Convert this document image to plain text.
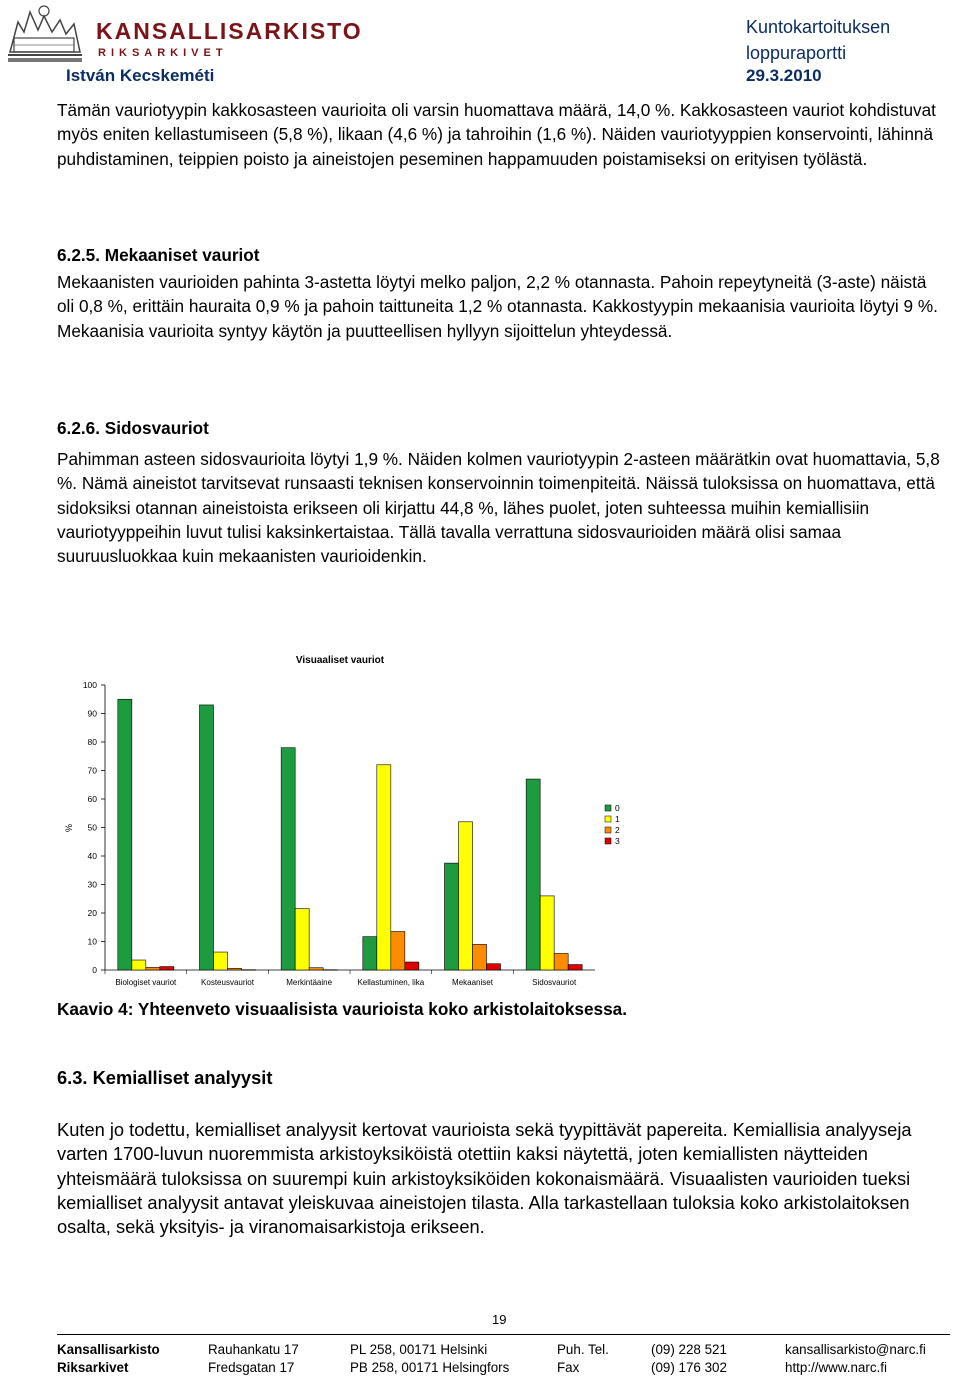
KANSALLISARKISTO
RIKSARKIVET
István Kecskeméti
Kuntokartoituksen
loppuraportti
29.3.2010
Tämän vauriotyypin kakkosasteen vaurioita oli varsin huomattava määrä, 14,0 %. Kakkosasteen vauriot kohdistuvat myös eniten kellastumiseen (5,8 %), likaan (4,6 %) ja tahroihin (1,6 %). Näiden vauriotyyppien konservointi, lähinnä puhdistaminen, teippien poisto ja aineistojen peseminen happamuuden poistamiseksi on erityisen työlästä.
6.2.5. Mekaaniset vauriot
Mekaanisten vaurioiden pahinta 3-astetta löytyi melko paljon, 2,2 % otannasta. Pahoin repeytyneitä (3-aste) näistä oli 0,8 %, erittäin hauraita 0,9 % ja pahoin taittuneita 1,2 % otannasta. Kakkostyypin mekaanisia vaurioita löytyi 9 %. Mekaanisia vaurioita syntyy käytön ja puutteellisen hyllyyn sijoittelun yhteydessä.
6.2.6. Sidosvauriot
Pahimman asteen sidosvaurioita löytyi 1,9 %. Näiden kolmen vauriotyypin 2-asteen määrätkin ovat huomattavia, 5,8 %. Nämä aineistot tarvitsevat runsaasti teknisen konservoinnin toimenpiteitä. Näissä tuloksissa on huomattava, että sidoksiksi otannan aineistoista erikseen oli kirjattu 44,8 %, lähes puolet, joten suhteessa muihin kemiallisiin vauriotyyppeihin luvut tulisi kaksinkertaistaa. Tällä tavalla verrattuna sidosvaurioiden määrä olisi samaa suuruusluokkaa kuin mekaanisten vaurioidenkin.
Visuaaliset vauriot
%
0
10
20
30
40
50
60
70
80
90
100
Biologiset vauriot	Kosteusvauriot	Merkintäaine	Kellastuminen, lika	Mekaaniset	Sidosvauriot
0
1
2
3
Kaavio 4: Yhteenveto visuaalisista vaurioista koko arkistolaitoksessa.
6.3. Kemialliset analyysit
Kuten jo todettu, kemialliset analyysit kertovat vaurioista sekä tyypittävät papereita. Kemiallisia analyyseja varten 1700-luvun nuoremmista arkistoyksiköistä otettiin kaksi näytettä, joten kemiallisten näytteiden yhteismäärä tuloksissa on suurempi kuin arkistoyksiköiden kokonaismäärä. Visuaalisten vaurioiden tueksi kemialliset analyysit antavat yleiskuvaa aineistojen tilasta. Alla tarkastellaan tuloksia koko arkistolaitoksen osalta, sekä yksityis- ja viranomaisarkistoja erikseen.
19
Kansallisarkisto	Rauhankatu 17	PL 258, 00171 Helsinki	Puh. Tel.	(09) 228 521	kansallisarkisto@narc.fi
Riksarkivet	Fredsgatan 17	PB 258, 00171 Helsingfors	Fax	(09) 176 302	http://www.narc.fi
